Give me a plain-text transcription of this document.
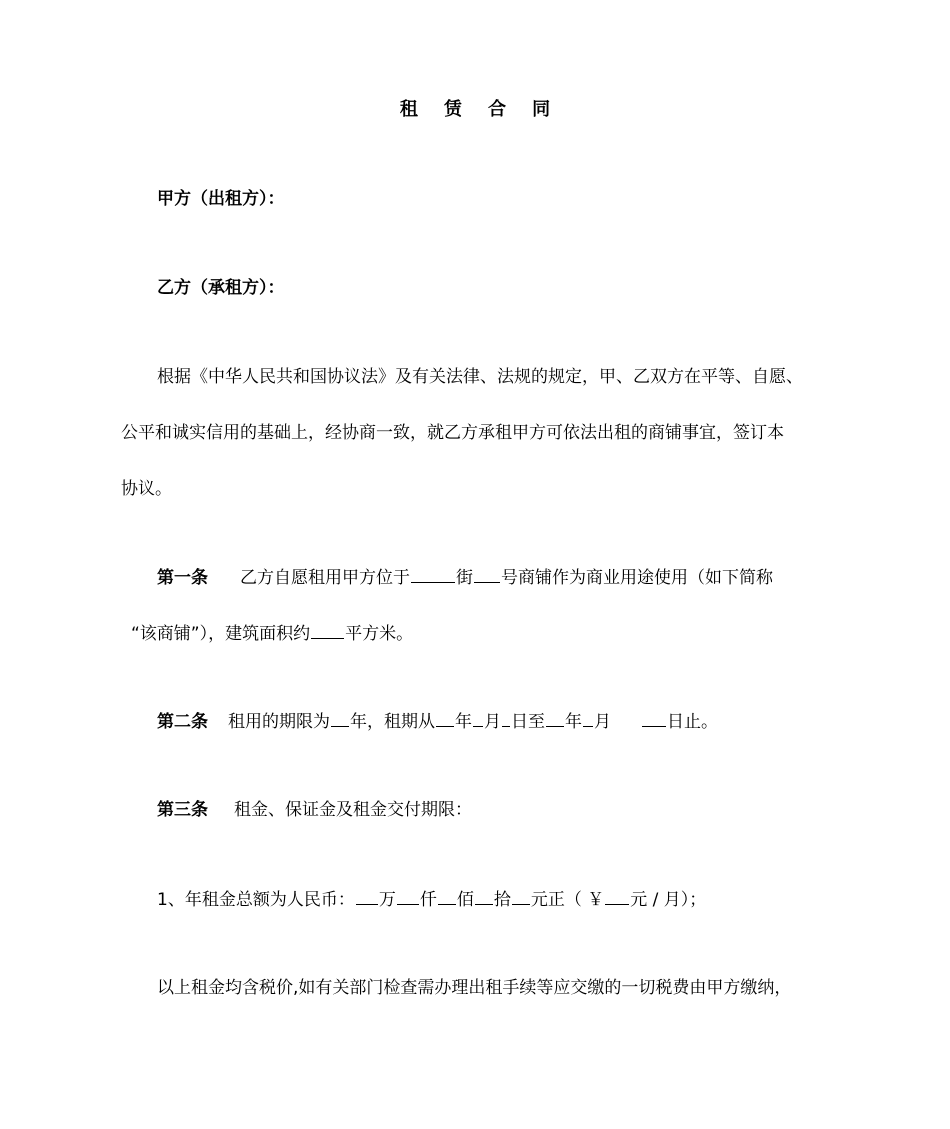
租 赁 合 同
甲方（出租方）：
乙方（承租方）：
根据《中华人民共和国协议法》及有关法律、法规的规定，甲、乙双方在平等、自愿、
公平和诚实信用的基础上，经协商一致，就乙方承租甲方可依法出租的商铺事宜，签订本
协议。
第一条 乙方自愿租用甲方位于	街 号商铺作为商业用途使用（如下简称
“该商铺”），建筑面积约 平方米。
第二条 租用的期限为 年，租期从 年 月 日至 年 月	日止。
第三条 租金、保证金及租金交付期限：
1、年租金总额为人民币： 万 仟 佰 拾 元正（ ￥ 元 / 月）；
以上租金均含税价,如有关部门检查需办理出租手续等应交缴的一切税费由甲方缴纳，
